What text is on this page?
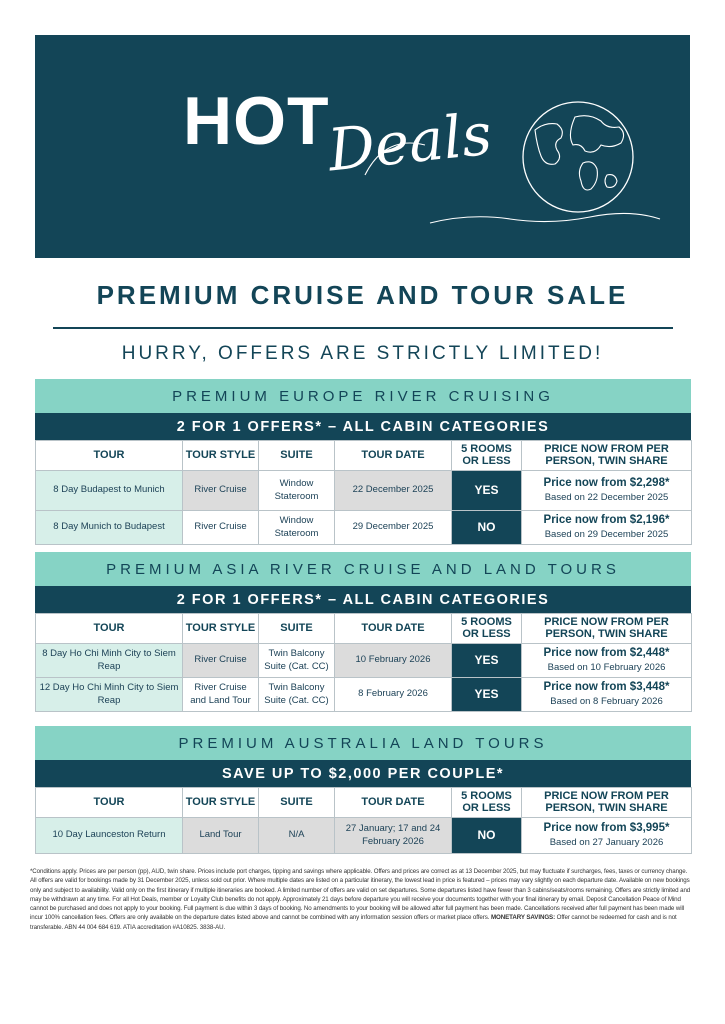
HOT
Deals
PREMIUM CRUISE AND TOUR SALE
HURRY, OFFERS ARE STRICTLY LIMITED!
PREMIUM EUROPE RIVER CRUISING
2 FOR 1 OFFERS* – ALL CABIN CATEGORIES
TOUR	TOUR STYLE	SUITE	TOUR DATE	5 ROOMS OR LESS	PRICE NOW FROM PER PERSON, TWIN SHARE
8 Day Budapest to Munich	River Cruise	Window Stateroom	22 December 2025	YES	Price now from $2,298*
Based on 22 December 2025

8 Day Munich to Budapest	River Cruise	Window Stateroom	29 December 2025	NO	Price now from $2,196*
Based on 29 December 2025
PREMIUM ASIA RIVER CRUISE AND LAND TOURS
2 FOR 1 OFFERS* – ALL CABIN CATEGORIES
TOUR	TOUR STYLE	SUITE	TOUR DATE	5 ROOMS OR LESS	PRICE NOW FROM PER PERSON, TWIN SHARE
8 Day Ho Chi Minh City to Siem Reap	River Cruise	Twin Balcony Suite (Cat. CC)	10 February 2026	YES	Price now from $2,448*
Based on 10 February 2026

12 Day Ho Chi Minh City to Siem Reap	River Cruise and Land Tour	Twin Balcony Suite (Cat. CC)	8 February 2026	YES	Price now from $3,448*
Based on 8 February 2026
PREMIUM AUSTRALIA LAND TOURS
SAVE UP TO $2,000 PER COUPLE*
TOUR	TOUR STYLE	SUITE	TOUR DATE	5 ROOMS OR LESS	PRICE NOW FROM PER PERSON, TWIN SHARE
10 Day Launceston Return	Land Tour	N/A	27 January; 17 and 24 February 2026	NO	Price now from $3,995*
Based on 27 January 2026
*Conditions apply. Prices are per person (pp), AUD, twin share. Prices include port charges, tipping and savings where applicable. Offers and prices are correct as at 13 December 2025, but may fluctuate if surcharges, fees, taxes or currency change. All offers are valid for bookings made by 31 December 2025, unless sold out prior. Where multiple dates are listed on a particular itinerary, the lowest lead in price is featured – prices may vary slightly on each departure date. Available on new bookings only and subject to availability. Valid only on the first itinerary if multiple itineraries are booked. A limited number of offers are valid on set departures. Some departures listed have fewer than 3 cabins/seats/rooms remaining. Offers are strictly limited and may be withdrawn at any time. For all Hot Deals, member or Loyalty Club benefits do not apply. Approximately 21 days before departure you will receive your documents together with your final itinerary by email. Deposit Cancellation Peace of Mind cannot be purchased and does not apply to your booking. Full payment is due within 3 days of booking. No amendments to your booking will be allowed after full payment has been made. Cancellations received after full payment has been made will incur 100% cancellation fees. Offers are only available on the departure dates listed above and cannot be combined with any information session offers or market place offers. MONETARY SAVINGS: Offer cannot be redeemed for cash and is not transferable. ABN 44 004 684 619. ATIA accreditation #A10825. 3838-AU.
